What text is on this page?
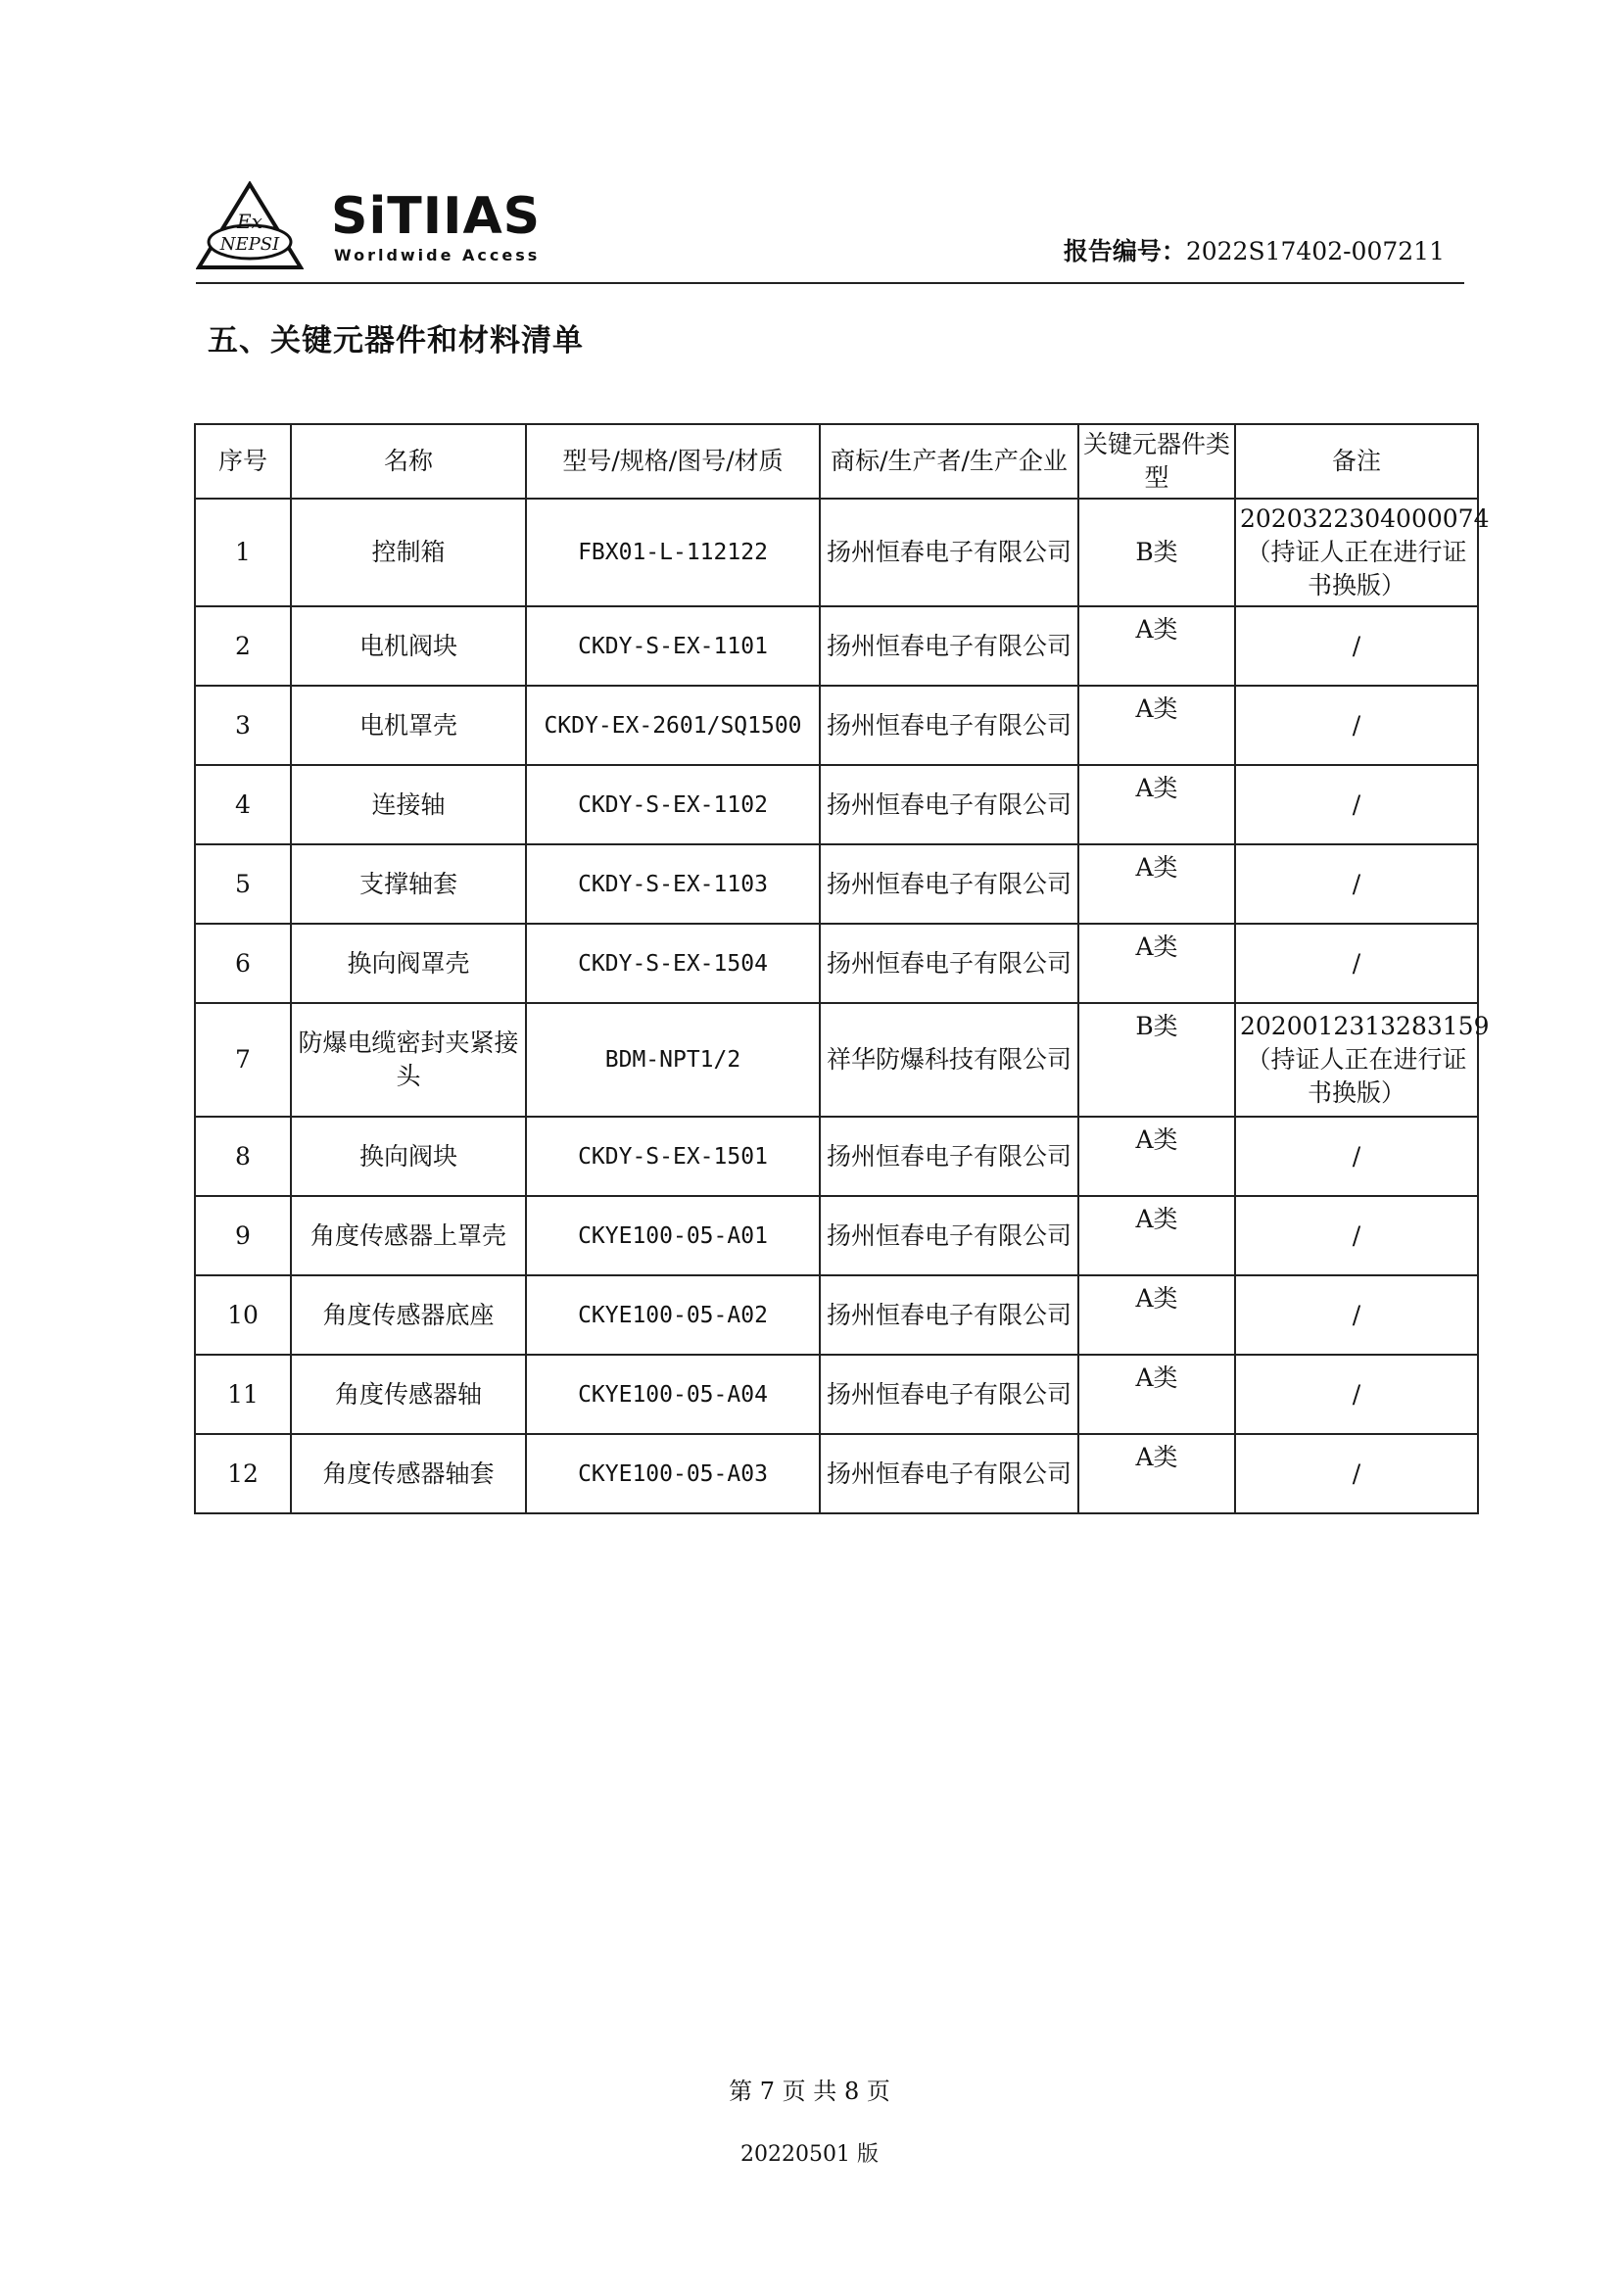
Ex
NEPSI SiTIIAS
Worldwide Access	报告编号：2022S17402-007211
五、关键元器件和材料清单
序号	名称	型号/规格/图号/材质	商标/生产者/生产企业	关键元器件类型	备注
1	控制箱	FBX01-L-112122	扬州恒春电子有限公司	B类	2020322304000074（持证人正在进行证书换版）
2	电机阀块	CKDY-S-EX-1101	扬州恒春电子有限公司	A类	/
3	电机罩壳	CKDY-EX-2601/SQ1500	扬州恒春电子有限公司	A类	/
4	连接轴	CKDY-S-EX-1102	扬州恒春电子有限公司	A类	/
5	支撑轴套	CKDY-S-EX-1103	扬州恒春电子有限公司	A类	/
6	换向阀罩壳	CKDY-S-EX-1504	扬州恒春电子有限公司	A类	/
7	防爆电缆密封夹紧接头	BDM-NPT1/2	祥华防爆科技有限公司	B类	2020012313283159（持证人正在进行证书换版）
8	换向阀块	CKDY-S-EX-1501	扬州恒春电子有限公司	A类	/
9	角度传感器上罩壳	CKYE100-05-A01	扬州恒春电子有限公司	A类	/
10	角度传感器底座	CKYE100-05-A02	扬州恒春电子有限公司	A类	/
11	角度传感器轴	CKYE100-05-A04	扬州恒春电子有限公司	A类	/
12	角度传感器轴套	CKYE100-05-A03	扬州恒春电子有限公司	A类	/
第 7 页 共 8 页
20220501 版
